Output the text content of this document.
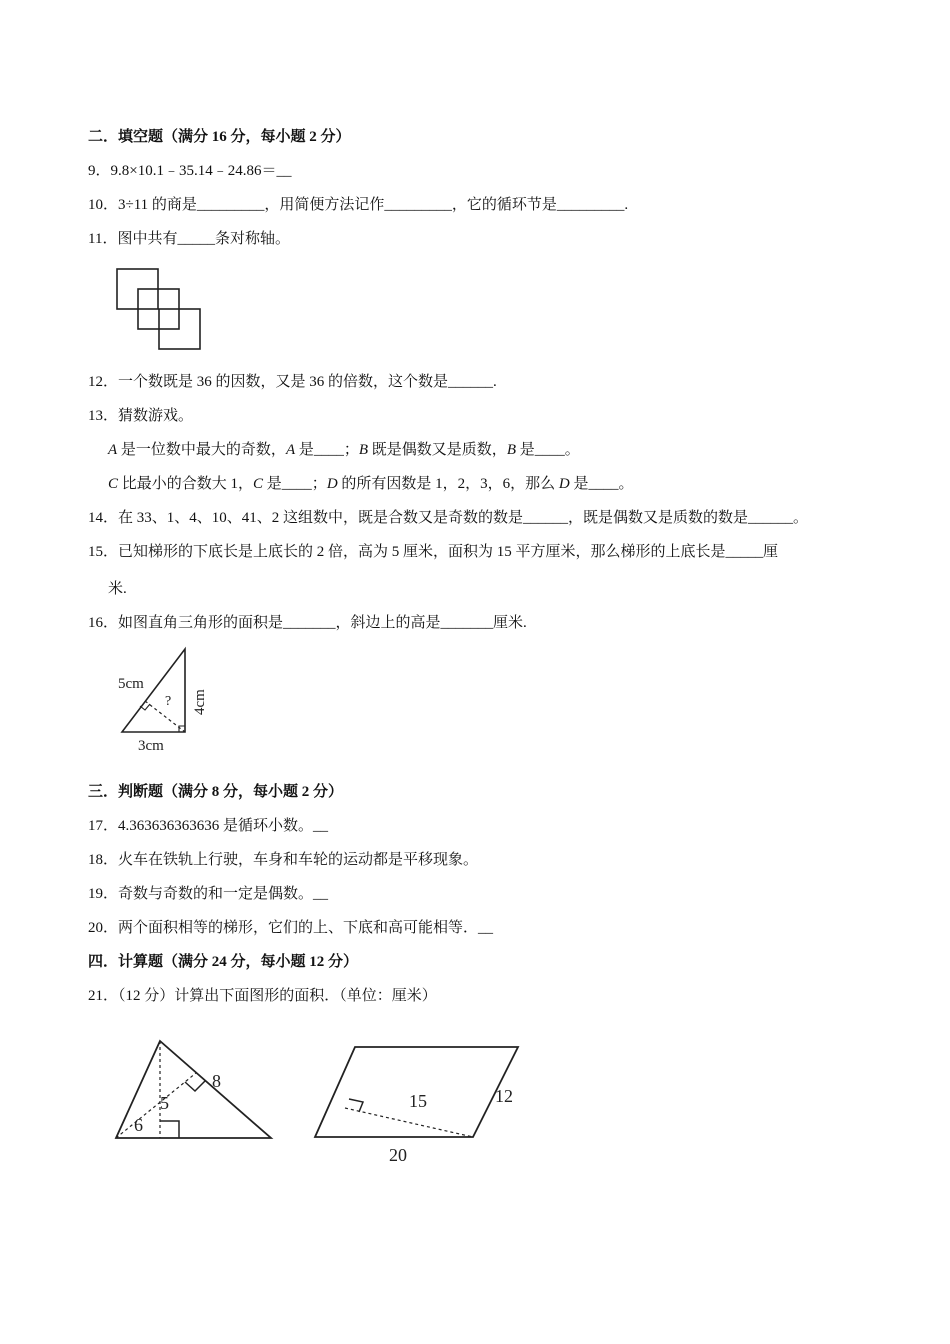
二．填空题（满分 16 分，每小题 2 分）
9．9.8×10.1﹣35.14﹣24.86＝__
10．3÷11 的商是_________，用简便方法记作_________，它的循环节是_________.
11．图中共有_____条对称轴。
12．一个数既是 36 的因数，又是 36 的倍数，这个数是______.
13．猜数游戏。
A 是一位数中最大的奇数，A 是____；B 既是偶数又是质数，B 是____。
C 比最小的合数大 1，C 是____；D 的所有因数是 1，2，3，6，那么 D 是____。
14．在 33、1、4、10、41、2 这组数中，既是合数又是奇数的数是______，既是偶数又是质数的数是______。
15．已知梯形的下底长是上底长的 2 倍，高为 5 厘米，面积为 15 平方厘米，那么梯形的上底长是_____厘
米.
16．如图直角三角形的面积是_______，斜边上的高是_______厘米.
5cm
? 4cm
3cm
三．判断题（满分 8 分，每小题 2 分）
17．4.363636363636 是循环小数。__
18．火车在铁轨上行驶，车身和车轮的运动都是平移现象。
19．奇数与奇数的和一定是偶数。__
20．两个面积相等的梯形，它们的上、下底和高可能相等．__
四．计算题（满分 24 分，每小题 12 分）
21．（12 分）计算出下面图形的面积．（单位：厘米）
8
5
6
15	12
20
